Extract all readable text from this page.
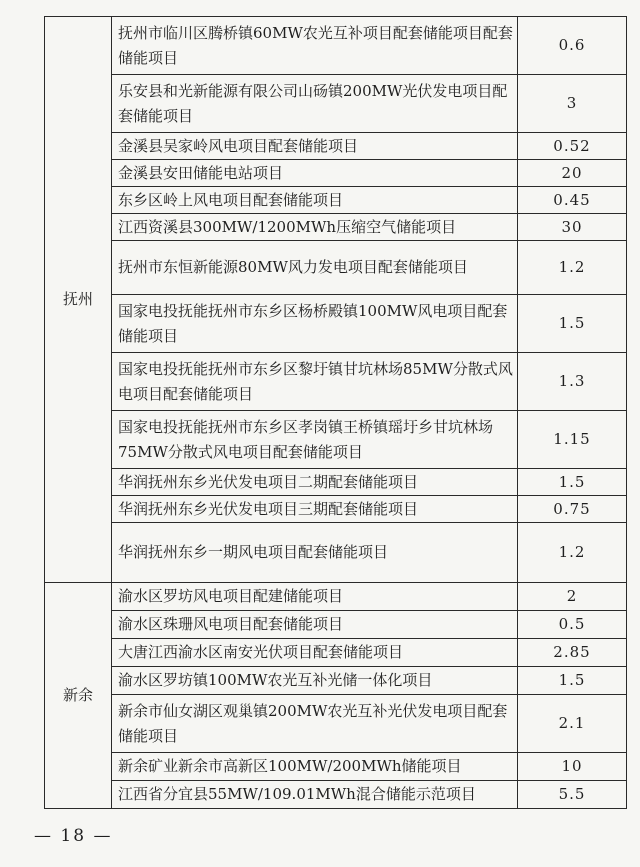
抚州	抚州市临川区腾桥镇60MW农光互补项目配套储能项目配套储能项目	0.6
	乐安县和光新能源有限公司山砀镇200MW光伏发电项目配套储能项目	3
	金溪县吴家岭风电项目配套储能项目	0.52
	金溪县安田储能电站项目	20
	东乡区岭上风电项目配套储能项目	0.45
	江西资溪县300MW/1200MWh压缩空气储能项目	30
	抚州市东恒新能源80MW风力发电项目配套储能项目	1.2
	国家电投抚能抚州市东乡区杨桥殿镇100MW风电项目配套储能项目	1.5
	国家电投抚能抚州市东乡区黎圩镇甘坑林场85MW分散式风电项目配套储能项目	1.3
	国家电投抚能抚州市东乡区孝岗镇王桥镇瑶圩乡甘坑林场75MW分散式风电项目配套储能项目	1.15
	华润抚州东乡光伏发电项目二期配套储能项目	1.5
	华润抚州东乡光伏发电项目三期配套储能项目	0.75
	华润抚州东乡一期风电项目配套储能项目	1.2
新余	渝水区罗坊风电项目配建储能项目	2
	渝水区珠珊风电项目配套储能项目	0.5
	大唐江西渝水区南安光伏项目配套储能项目	2.85
	渝水区罗坊镇100MW农光互补光储一体化项目	1.5
	新余市仙女湖区观巢镇200MW农光互补光伏发电项目配套储能项目	2.1
	新余矿业新余市高新区100MW/200MWh储能项目	10
	江西省分宜县55MW/109.01MWh混合储能示范项目	5.5
— 18 —
